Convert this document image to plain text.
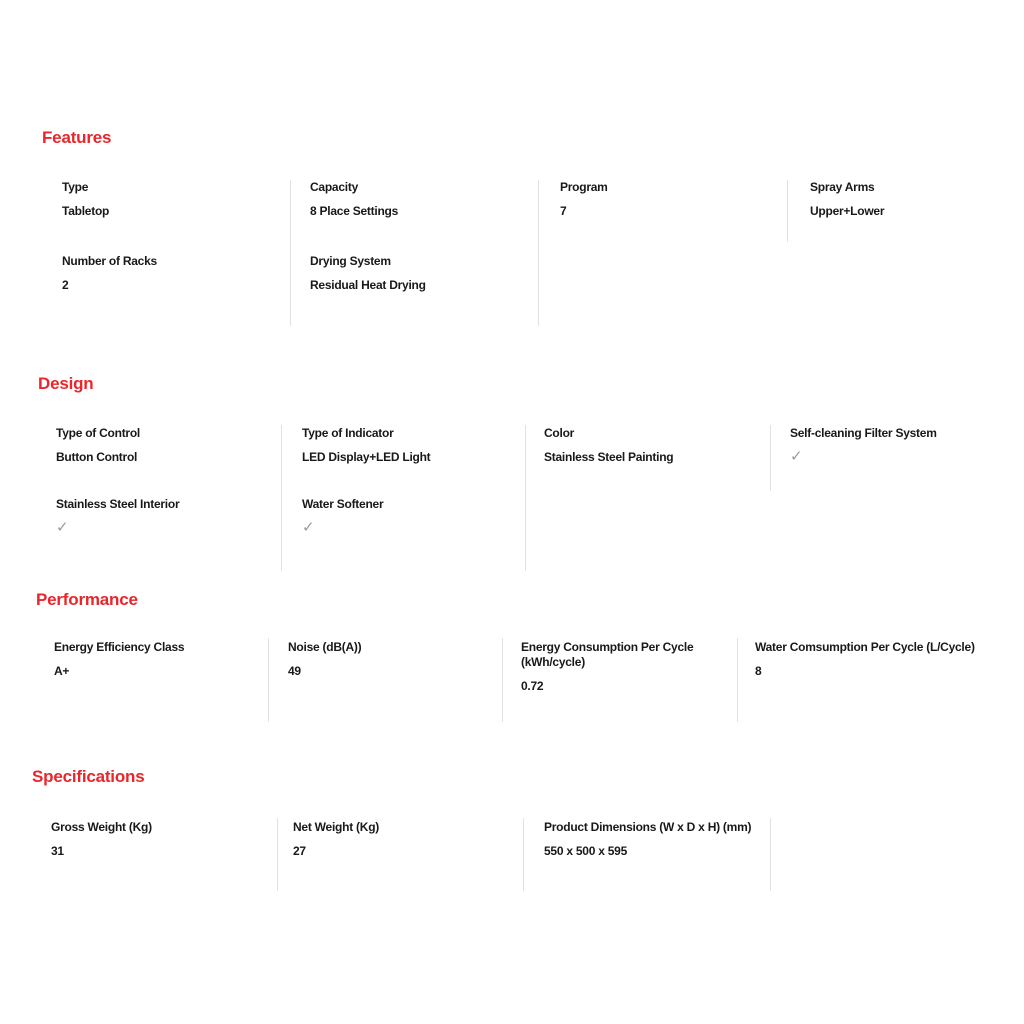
Features
Type
Tabletop
Capacity
8 Place Settings
Program
7
Spray Arms
Upper+Lower
Number of Racks
2
Drying System
Residual Heat Drying
Design
Type of Control
Button Control
Type of Indicator
LED Display+LED Light
Color
Stainless Steel Painting
Self-cleaning Filter System
✓
Stainless Steel Interior
✓
Water Softener
✓
Performance
Energy Efficiency Class
A+
Noise (dB(A))
49
Energy Consumption Per Cycle (kWh/cycle)
0.72
Water Comsumption Per Cycle (L/Cycle)
8
Specifications
Gross Weight (Kg)
31
Net Weight (Kg)
27
Product Dimensions (W x D x H) (mm)
550 x 500 x 595
